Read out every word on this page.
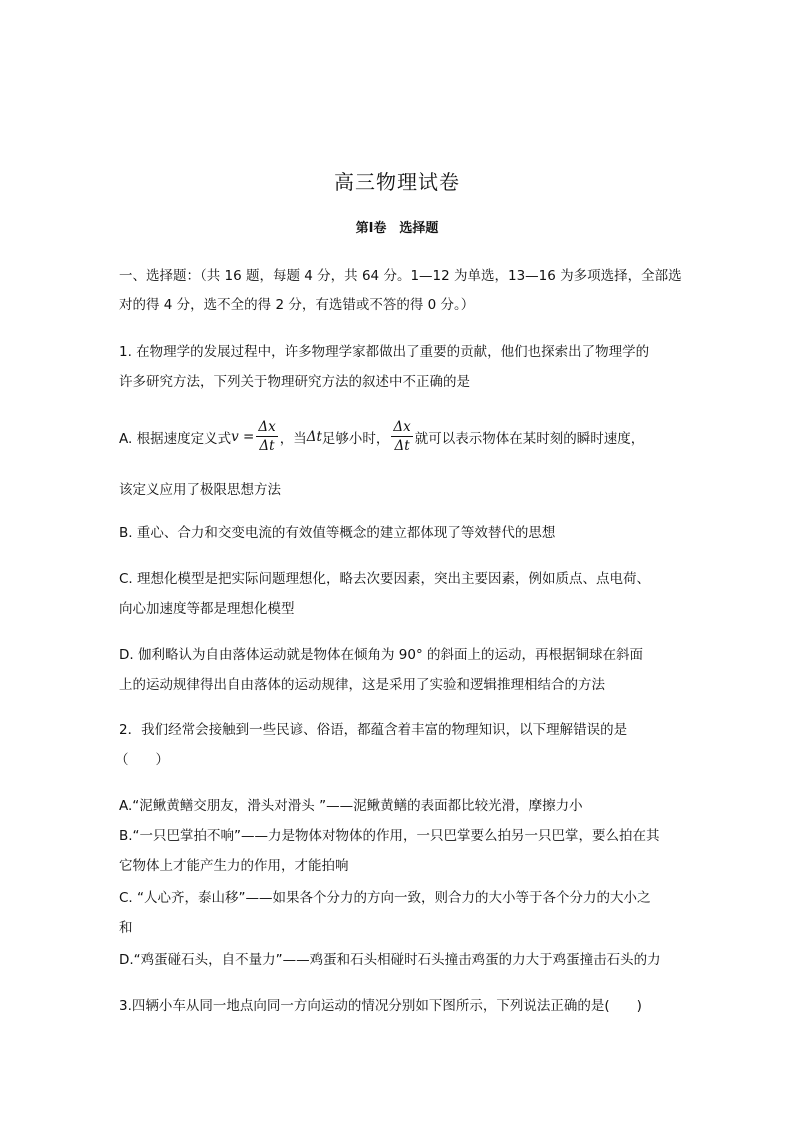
高三物理试卷
第Ⅰ卷　选择题
一、选择题：（共 16 题，每题 4 分，共 64 分。1—12 为单选，13—16 为多项选择，全部选
对的得 4 分，选不全的得 2 分，有选错或不答的得 0 分。）
1. 在物理学的发展过程中，许多物理学家都做出了重要的贡献，他们也探索出了物理学的
许多研究方法，下列关于物理研究方法的叙述中不正确的是
A. 根据速度定义式 $v = \frac{\Delta x}{\Delta t}$ ，当 Δt 足够小时， $\frac{\Delta x}{\Delta t}$ 就可以表示物体在某时刻的瞬时速度，
该定义应用了极限思想方法
B. 重心、合力和交变电流的有效值等概念的建立都体现了等效替代的思想
C. 理想化模型是把实际问题理想化，略去次要因素，突出主要因素，例如质点、点电荷、
向心加速度等都是理想化模型
D. 伽利略认为自由落体运动就是物体在倾角为 90° 的斜面上的运动，再根据铜球在斜面
上的运动规律得出自由落体的运动规律，这是采用了实验和逻辑推理相结合的方法
2．我们经常会接触到一些民谚、俗语，都蕴含着丰富的物理知识，以下理解错误的是
（　　）
A.“泥鳅黄鳝交朋友，滑头对滑头 ”——泥鳅黄鳝的表面都比较光滑，摩擦力小
B.“一只巴掌拍不响”——力是物体对物体的作用，一只巴掌要么拍另一只巴掌，要么拍在其
它物体上才能产生力的作用，才能拍响
C. “人心齐，泰山移”——如果各个分力的方向一致，则合力的大小等于各个分力的大小之
和
D.“鸡蛋碰石头，自不量力”——鸡蛋和石头相碰时石头撞击鸡蛋的力大于鸡蛋撞击石头的力
3.四辆小车从同一地点向同一方向运动的情况分别如下图所示，下列说法正确的是(　　)
